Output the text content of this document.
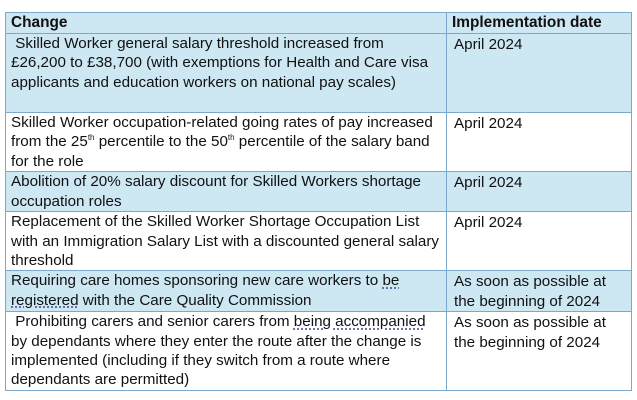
Change	Implementation date
Skilled Worker general salary threshold increased from £26,200 to £38,700 (with exemptions for Health and Care visa applicants and education workers on national pay scales)	April 2024
Skilled Worker occupation-related going rates of pay increased from the 25th percentile to the 50th percentile of the salary band for the role	April 2024
Abolition of 20% salary discount for Skilled Workers shortage occupation roles	April 2024
Replacement of the Skilled Worker Shortage Occupation List with an Immigration Salary List with a discounted general salary threshold	April 2024
Requiring care homes sponsoring new care workers to be registered with the Care Quality Commission	As soon as possible at the beginning of 2024
Prohibiting carers and senior carers from being accompanied by dependants where they enter the route after the change is implemented (including if they switch from a route where dependants are permitted)	As soon as possible at the beginning of 2024
